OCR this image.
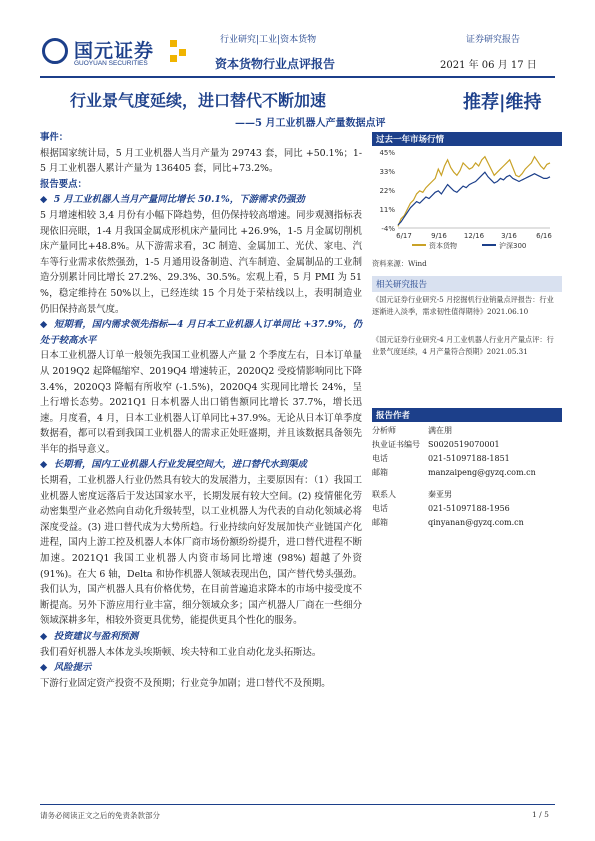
国元证券
GUOYUAN SECURITIES
行业研究|工业|资本货物
资本货物行业点评报告
证券研究报告
2021 年 06 月 17 日
行业景气度延续，进口替代不断加速
——5 月工业机器人产量数据点评
推荐|维持

事件：

根据国家统计局，5 月工业机器人当月产量为 29743 套，同比 +50.1%；1-5 月工业机器人累计产量为 136405 套，同比+73.2%。

报告要点：

◆  5 月工业机器人当月产量同比增长 50.1%，下游需求仍强劲

5 月增速相较 3,4 月份有小幅下降趋势，但仍保持较高增速。同步观测指标表现依旧亮眼，1-4 月我国金属成形机床产量同比 +26.9%，1-5 月金属切削机床产量同比+48.8%。从下游需求看，3C 制造、金属加工、光伏、家电、汽车等行业需求依然强劲，1-5 月通用设备制造、汽车制造、金属制品的工业制造分别累计同比增长 27.2%、29.3%、30.5%。宏观上看，5 月 PMI 为 51 %，稳定维持在 50%以上，已经连续 15 个月处于荣枯线以上，表明制造业仍旧保持高景气度。

◆  短期看，国内需求领先指标—4 月日本工业机器人订单同比 +37.9%，仍处于较高水平

日本工业机器人订单一般领先我国工业机器人产量 2 个季度左右，日本订单量从 2019Q2 起降幅缩窄、2019Q4 增速转正，2020Q2 受疫情影响同比下降 3.4%，2020Q3 降幅有所收窄 (-1.5%)，2020Q4 实现同比增长 24%，呈上行增长态势。2021Q1 日本机器人出口销售额同比增长 37.7%，增长迅速。月度看，4 月，日本工业机器人订单同比+37.9%。无论从日本订单季度数据看，都可以看到我国工业机器人的需求正处旺盛期，并且该数据具备领先半年的指导意义。

◆  长期看，国内工业机器人行业发展空间大，进口替代水到渠成

长期看，工业机器人行业仍然具有较大的发展潜力，主要原因有：（1）我国工业机器人密度远落后于发达国家水平，长期发展有较大空间。(2) 疫情催化劳动密集型产业必然向自动化升级转型，以工业机器人为代表的自动化领域必将深度受益。(3) 进口替代成为大势所趋。行业持续向好发展加快产业链国产化进程，国内上游工控及机器人本体厂商市场份额纷纷提升，进口替代进程不断加速。2021Q1 我国工业机器人内资市场同比增速 (98%) 超越了外资 (91%)。在大 6 轴，Delta 和协作机器人领域表现出色，国产替代势头强劲。我们认为，国产机器人具有价格优势，在目前普遍追求降本的市场中接受度不断提高。另外下游应用行业丰富，细分领域众多；国产机器人厂商在一些细分领域深耕多年，相较外资更具优势，能提供更具个性化的服务。

◆  投资建议与盈利预测

我们看好机器人本体龙头埃斯顿、埃夫特和工业自动化龙头拓斯达。

◆  风险提示

下游行业固定资产投资不及预期；行业竞争加剧；进口替代不及预期。

过去一年市场行情
-4%
11%
22%
33%
45%
6/17	9/16 12/16 3/16	6/16
资本货物	沪深300
资料来源：Wind
相关研究报告
《国元证券行业研究-5 月挖掘机行业销量点评报告：行业逐渐进入淡季，需求韧性值得期待》2021.06.10
《国元证券行业研究-4 月工业机器人行业月产量点评：行业景气度延续，4 月产量符合预期》2021.05.31
报告作者
分析师	满在朋
执业证书编号	S0020519070001
电话	021-51097188-1851
邮箱	manzaipeng@gyzq.com.cn

联系人	秦亚男
电话	021-51097188-1956
邮箱	qinyanan@gyzq.com.cn
请务必阅读正文之后的免责条款部分	1 / 5
